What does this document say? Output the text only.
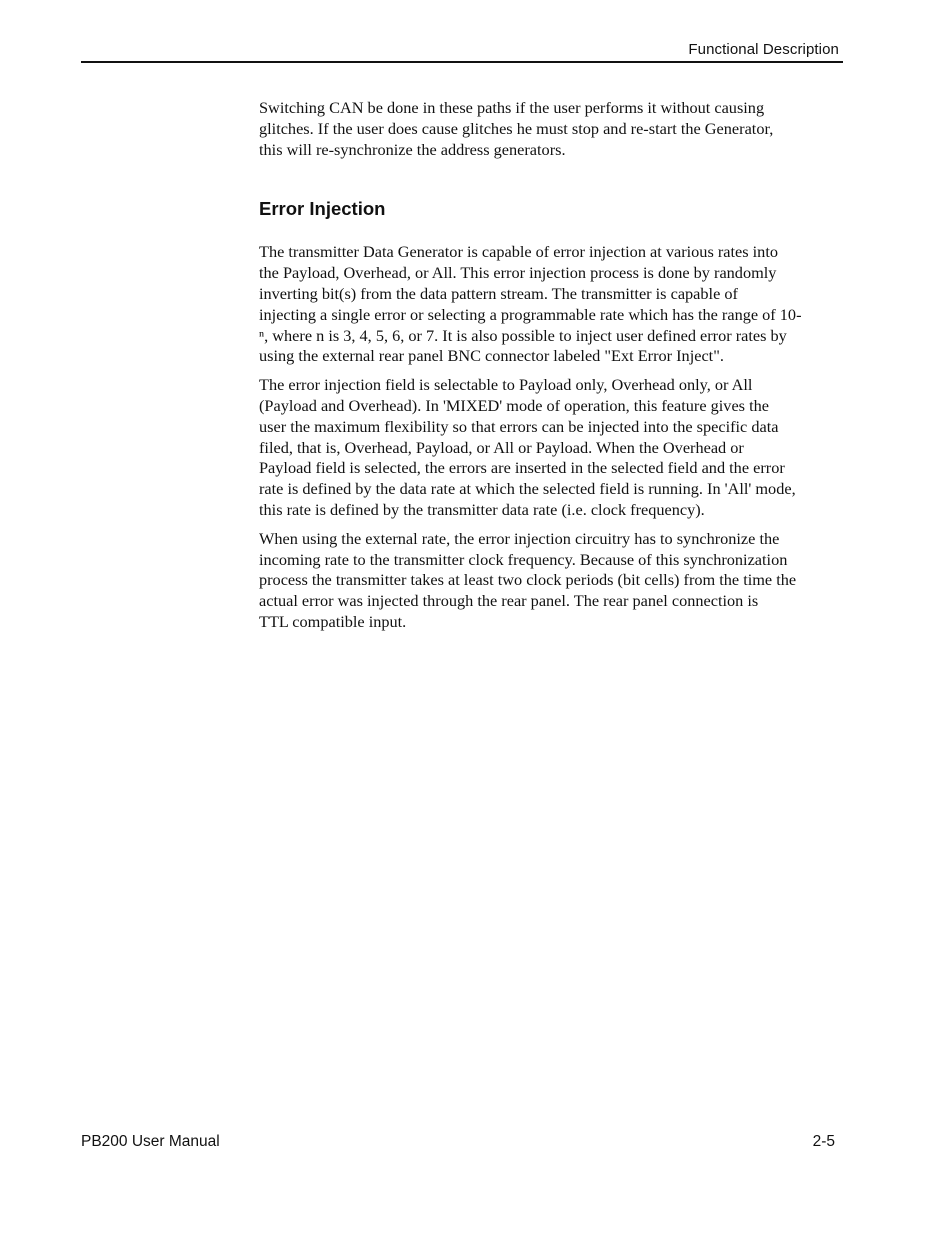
Functional Description

Switching CAN be done in these paths if the user performs it without causing
glitches. If the user does cause glitches he must stop and re-start the Generator,
this will re-synchronize the address generators.

Error Injection

The transmitter Data Generator is capable of error injection at various rates into
the Payload, Overhead, or All. This error injection process is done by randomly
inverting bit(s) from the data pattern stream. The transmitter is capable of
injecting a single error or selecting a programmable rate which has the range of 10-
ⁿ, where n is 3, 4, 5, 6, or 7. It is also possible to inject user defined error rates by
using the external rear panel BNC connector labeled "Ext Error Inject".

The error injection field is selectable to Payload only, Overhead only, or All
(Payload and Overhead). In 'MIXED' mode of operation, this feature gives the
user the maximum flexibility so that errors can be injected into the specific data
filed, that is, Overhead, Payload, or All or Payload. When the Overhead or
Payload field is selected, the errors are inserted in the selected field and the error
rate is defined by the data rate at which the selected field is running. In 'All' mode,
this rate is defined by the transmitter data rate (i.e. clock frequency).

When using the external rate, the error injection circuitry has to synchronize the
incoming rate to the transmitter clock frequency. Because of this synchronization
process the transmitter takes at least two clock periods (bit cells) from the time the
actual error was injected through the rear panel. The rear panel connection is
TTL compatible input.

PB200 User Manual	2-5
